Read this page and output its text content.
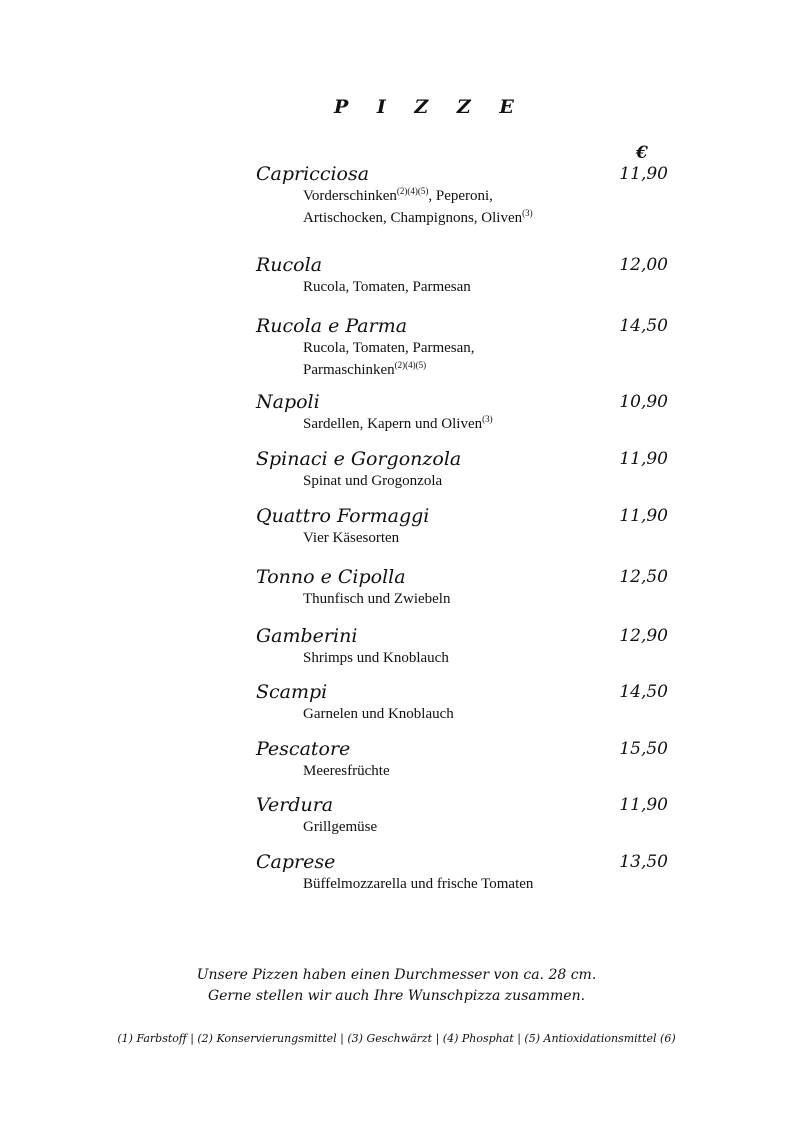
P I Z Z E
€
Capricciosa	11,90
Vorderschinken$^{(2)(4)(5)}$, Peperoni,
Artischocken, Champignons, Oliven$^{(3)}$
Rucola	12,00
Rucola, Tomaten, Parmesan
Rucola e Parma	14,50
Rucola, Tomaten, Parmesan,
Parmaschinken$^{(2)(4)(5)}$
Napoli	10,90
Sardellen, Kapern und Oliven$^{(3)}$
Spinaci e Gorgonzola	11,90
Spinat und Grogonzola
Quattro Formaggi	11,90
Vier Käsesorten
Tonno e Cipolla	12,50
Thunfisch und Zwiebeln
Gamberini	12,90
Shrimps und Knoblauch
Scampi	14,50
Garnelen und Knoblauch
Pescatore	15,50
Meeresfrüchte
Verdura	11,90
Grillgemüse
Caprese	13,50
Büffelmozzarella und frische Tomaten
Unsere Pizzen haben einen Durchmesser von ca. 28 cm.
Gerne stellen wir auch Ihre Wunschpizza zusammen.
(1) Farbstoff | (2) Konservierungsmittel | (3) Geschwärzt | (4) Phosphat | (5) Antioxidationsmittel (6)
